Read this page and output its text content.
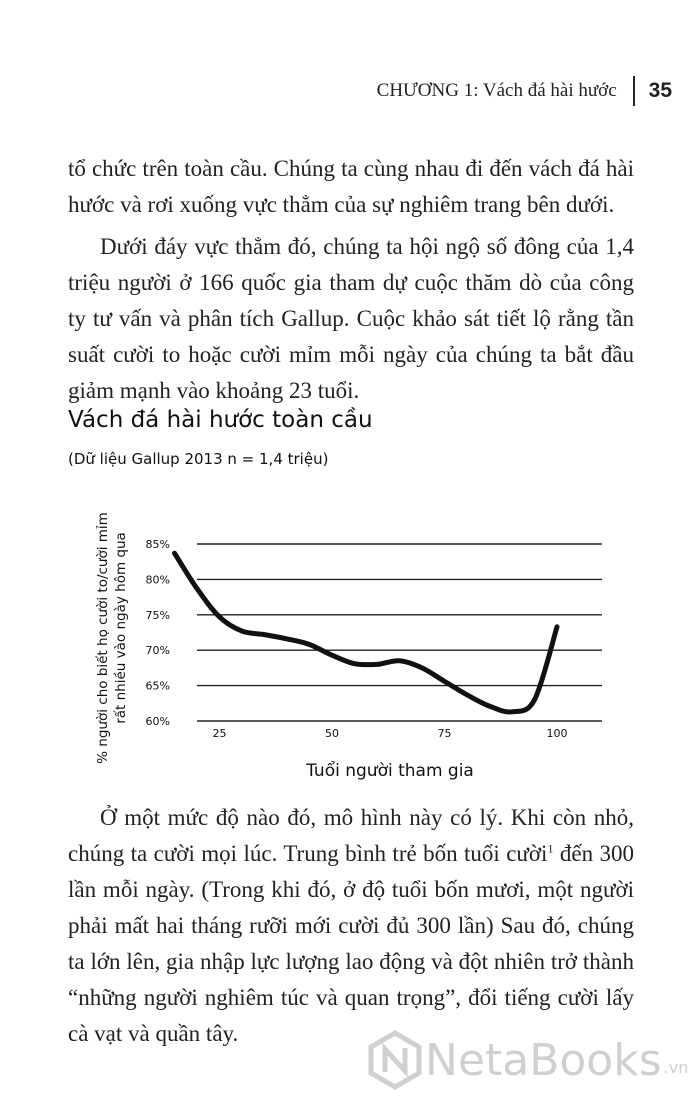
CHƯƠNG 1: Vách đá hài hước 35

tổ chức trên toàn cầu. Chúng ta cùng nhau đi đến vách đá hài hước và rơi xuống vực thẳm của sự nghiêm trang bên dưới.

Dưới đáy vực thẳm đó, chúng ta hội ngộ số đông của 1,4 triệu người ở 166 quốc gia tham dự cuộc thăm dò của công ty tư vấn và phân tích Gallup. Cuộc khảo sát tiết lộ rằng tần suất cười to hoặc cười mỉm mỗi ngày của chúng ta bắt đầu giảm mạnh vào khoảng 23 tuổi.

Vách đá hài hước toàn cầu
(Dữ liệu Gallup 2013 n = 1,4 triệu)
60%
65%
70%
75%
80%
85%
25	50	75	100
% người cho biết họ cười to/cười mỉm rất nhiều vào ngày hôm qua
Tuổi người tham gia

Ở một mức độ nào đó, mô hình này có lý. Khi còn nhỏ, chúng ta cười mọi lúc. Trung bình trẻ bốn tuổi cười$^1$ đến 300 lần mỗi ngày. (Trong khi đó, ở độ tuổi bốn mươi, một người phải mất hai tháng rưỡi mới cười đủ 300 lần) Sau đó, chúng ta lớn lên, gia nhập lực lượng lao động và đột nhiên trở thành “những người nghiêm túc và quan trọng”, đổi tiếng cười lấy cà vạt và quần tây.

NetaBooks .vn
